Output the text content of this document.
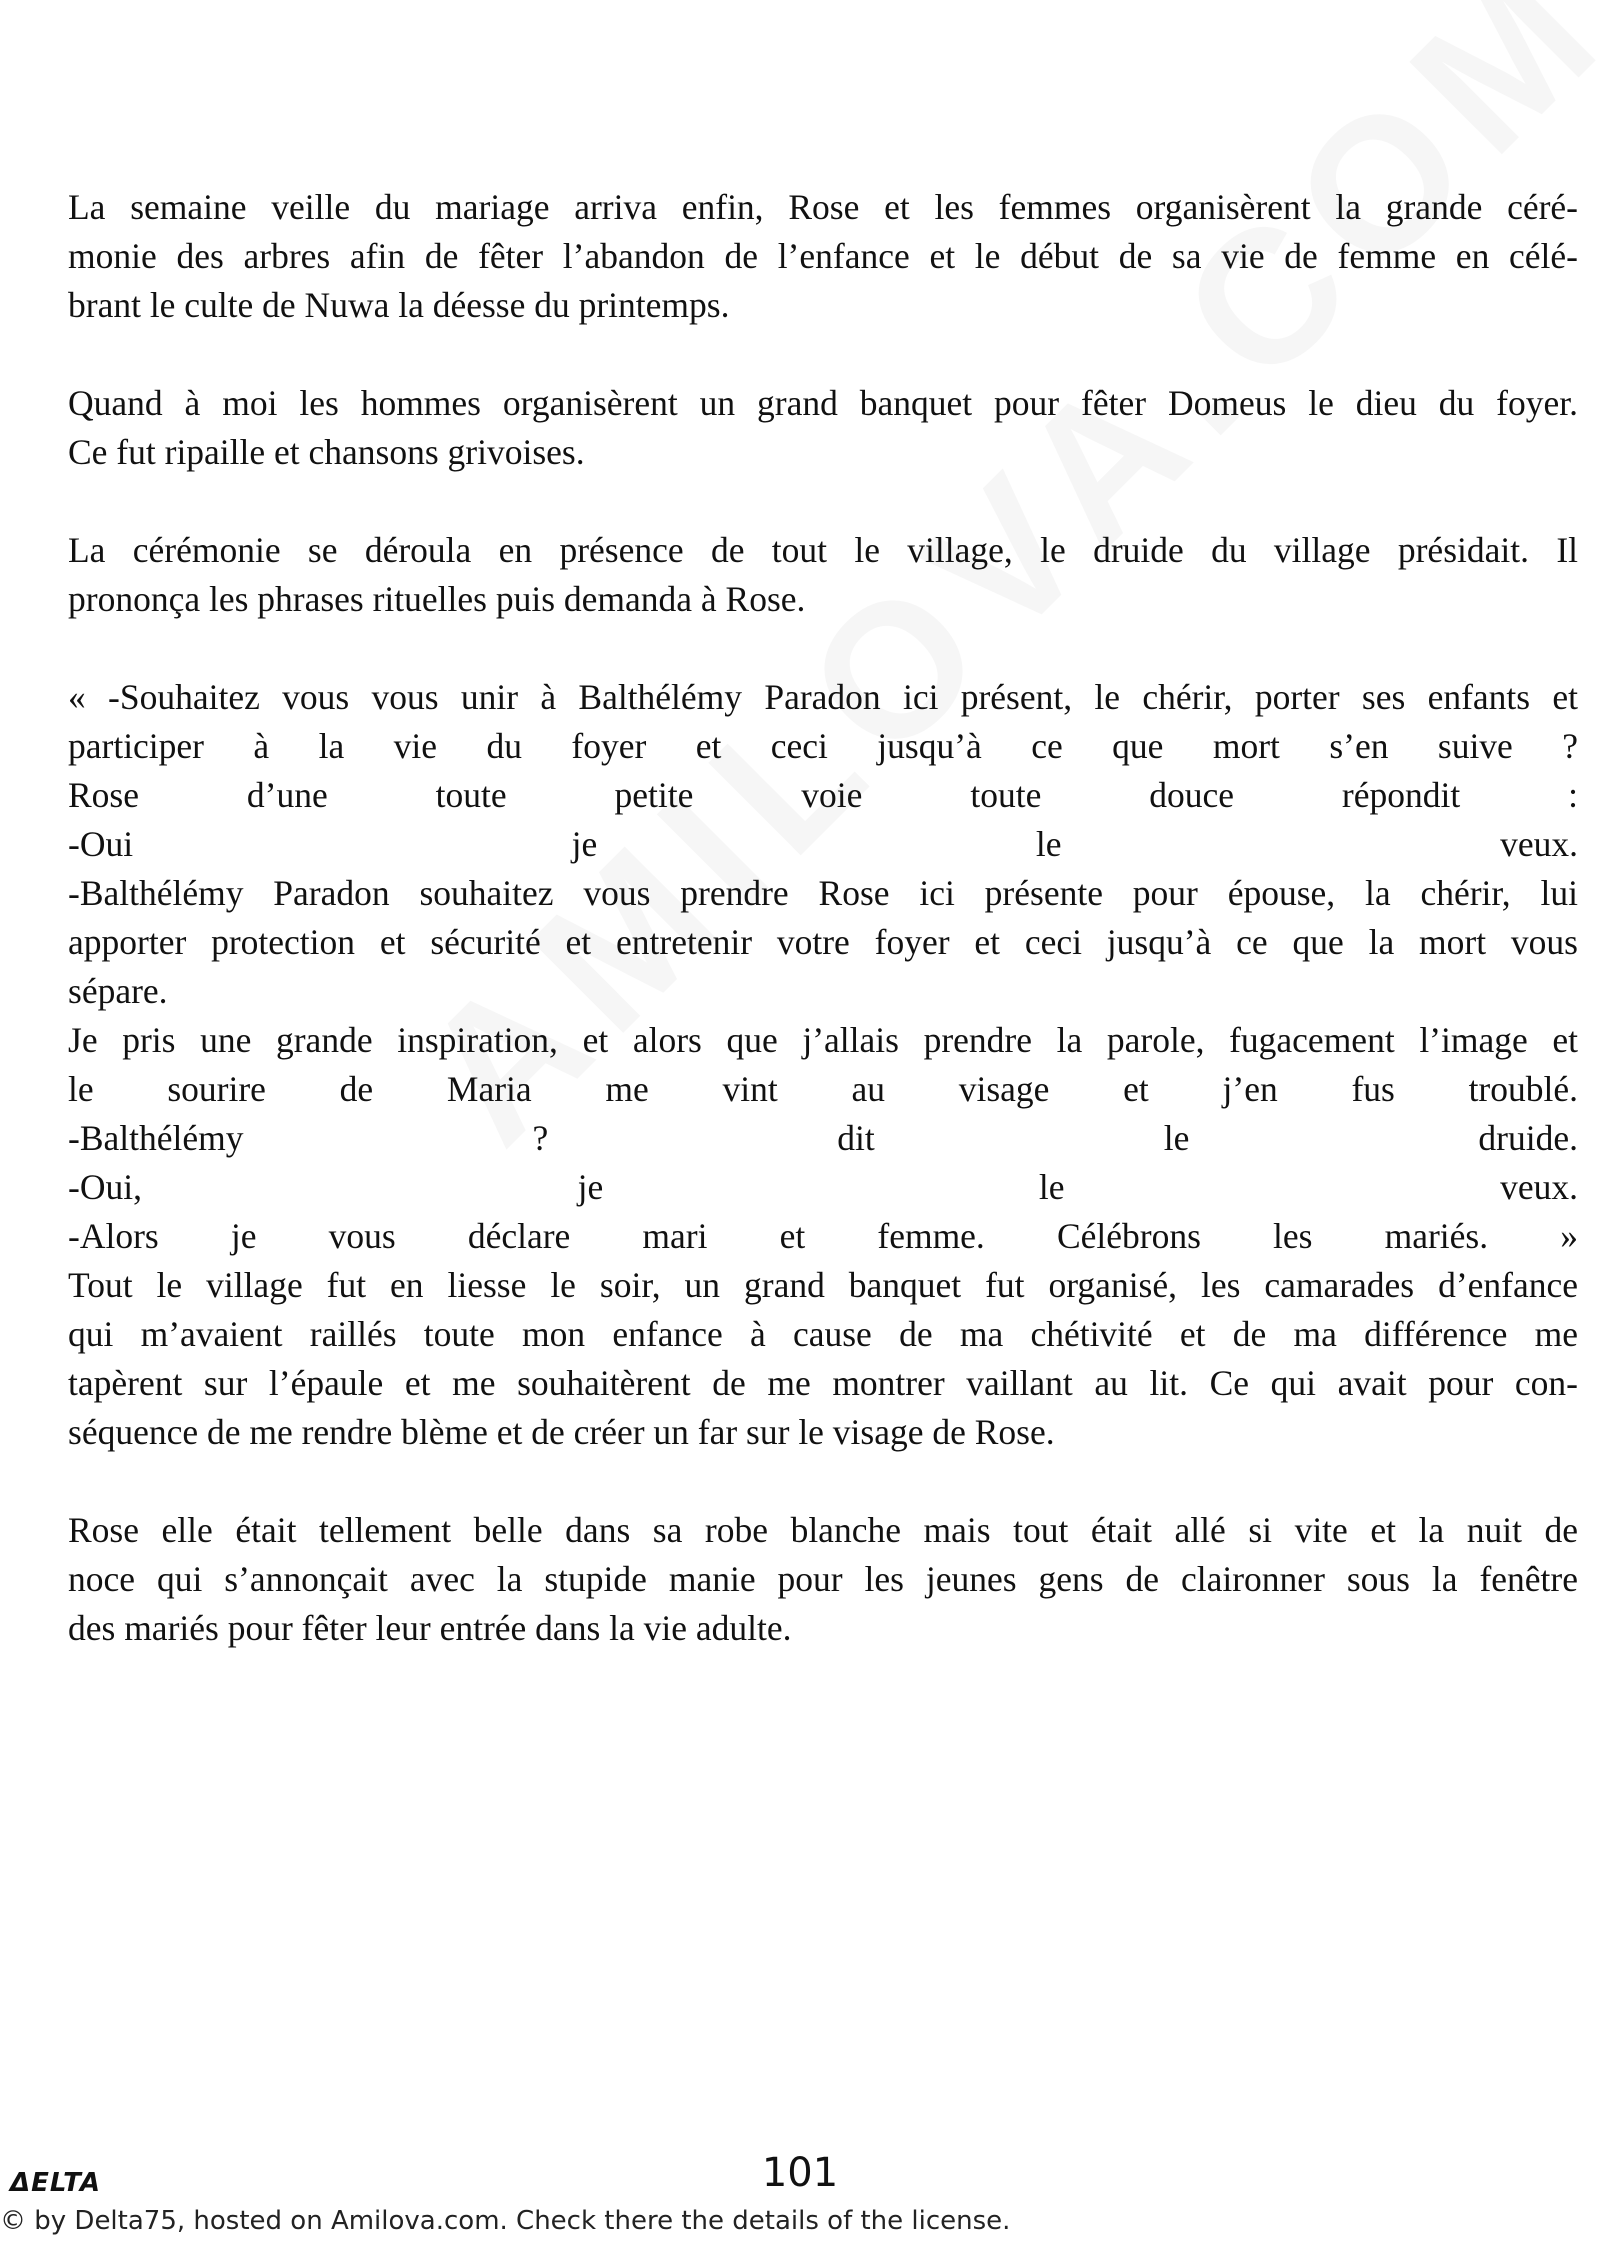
La semaine veille du mariage arriva enfin, Rose et les femmes organisèrent la grande céré-
monie des arbres afin de fêter l’abandon de l’enfance et le début de sa vie de femme en célé-
brant le culte de Nuwa la déesse du printemps.

Quand à moi les hommes organisèrent un grand banquet pour fêter Domeus le dieu du foyer.
Ce fut ripaille et chansons grivoises.

La cérémonie se déroula en présence de tout le village, le druide du village présidait. Il
prononça les phrases rituelles puis demanda à Rose.

« -Souhaitez vous vous unir à Balthélémy Paradon ici présent, le chérir, porter ses enfants et
participer à la vie du foyer et ceci jusqu’à ce que mort s’en suive ?
Rose d’une toute petite voie toute douce répondit :
-Oui je le veux.
-Balthélémy Paradon souhaitez vous prendre Rose ici présente pour épouse, la chérir, lui
apporter protection et sécurité et entretenir votre foyer et ceci jusqu’à ce que la mort vous
sépare.
Je pris une grande inspiration, et alors que j’allais prendre la parole, fugacement l’image et
le sourire de Maria me vint au visage et j’en fus troublé.
-Balthélémy ? dit le druide.
-Oui, je le veux.
-Alors je vous déclare mari et femme. Célébrons les mariés. »
Tout le village fut en liesse le soir, un grand banquet fut organisé, les camarades d’enfance
qui m’avaient raillés toute mon enfance à cause de ma chétivité et de ma différence me
tapèrent sur l’épaule et me souhaitèrent de me montrer vaillant au lit. Ce qui avait pour con-
séquence de me rendre blème et de créer un far sur le visage de Rose.

Rose elle était tellement belle dans sa robe blanche mais tout était allé si vite et la nuit de
noce qui s’annonçait avec la stupide manie pour les jeunes gens de claironner sous la fenêtre
des mariés pour fêter leur entrée dans la vie adulte.

ΔELTA	101
© by Delta75, hosted on Amilova.com. Check there the details of the license.
